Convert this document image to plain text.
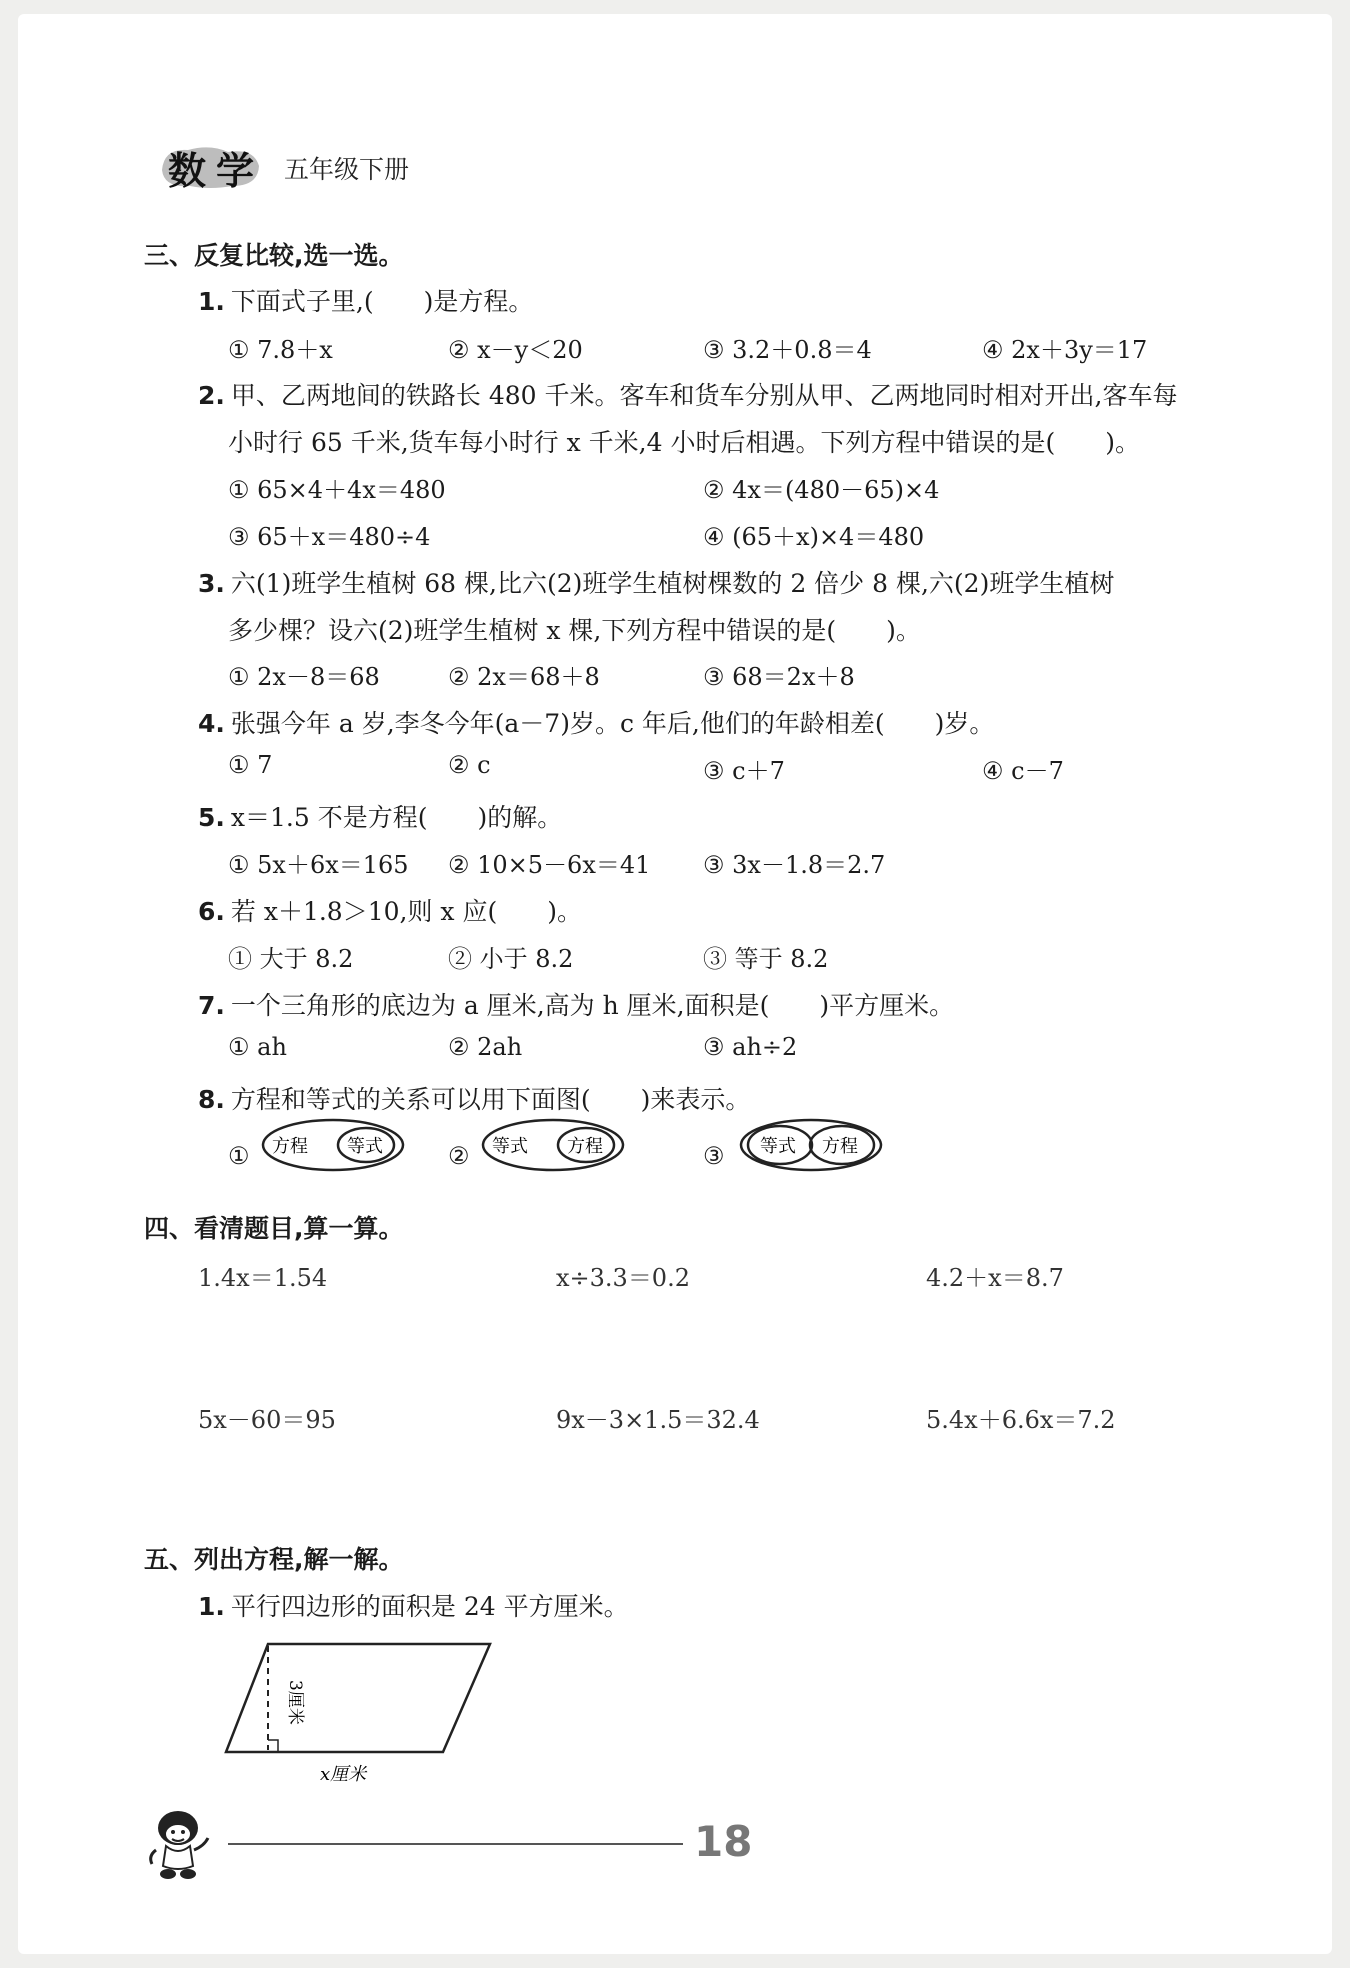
数学 五年级下册
三、反复比较,选一选。
1. 下面式子里,(　　)是方程。
① 7.8＋x	② x－y＜20	③ 3.2＋0.8＝4	④ 2x＋3y＝17
2. 甲、乙两地间的铁路长 480 千米。客车和货车分别从甲、乙两地同时相对开出,客车每
小时行 65 千米,货车每小时行 x 千米,4 小时后相遇。下列方程中错误的是(　　)。
① 65×4＋4x＝480	② 4x＝(480－65)×4
③ 65＋x＝480÷4	④ (65＋x)×4＝480
3. 六(1)班学生植树 68 棵,比六(2)班学生植树棵数的 2 倍少 8 棵,六(2)班学生植树
多少棵？设六(2)班学生植树 x 棵,下列方程中错误的是(　　)。
① 2x－8＝68	② 2x＝68＋8	③ 68＝2x＋8
4. 张强今年 a 岁,李冬今年(a－7)岁。c 年后,他们的年龄相差(　　)岁。
① 7	② c	③ c＋7	④ c－7
5. x＝1.5 不是方程(　　)的解。
① 5x＋6x＝165 ② 10×5－6x＝41 ③ 3x－1.8＝2.7
6. 若 x＋1.8＞10,则 x 应(　　)。
① 大于 8.2	② 小于 8.2	③ 等于 8.2
7. 一个三角形的底边为 a 厘米,高为 h 厘米,面积是(　　)平方厘米。
① ah	② 2ah	③ ah÷2
8. 方程和等式的关系可以用下面图(　　)来表示。
① 方程 等式	② 等式 方程	③ 等式 方程
四、看清题目,算一算。
1.4x＝1.54	x÷3.3＝0.2	4.2＋x＝8.7
5x－60＝95	9x－3×1.5＝32.4	5.4x＋6.6x＝7.2
五、列出方程,解一解。
1. 平行四边形的面积是 24 平方厘米。
3厘米
x厘米
18
